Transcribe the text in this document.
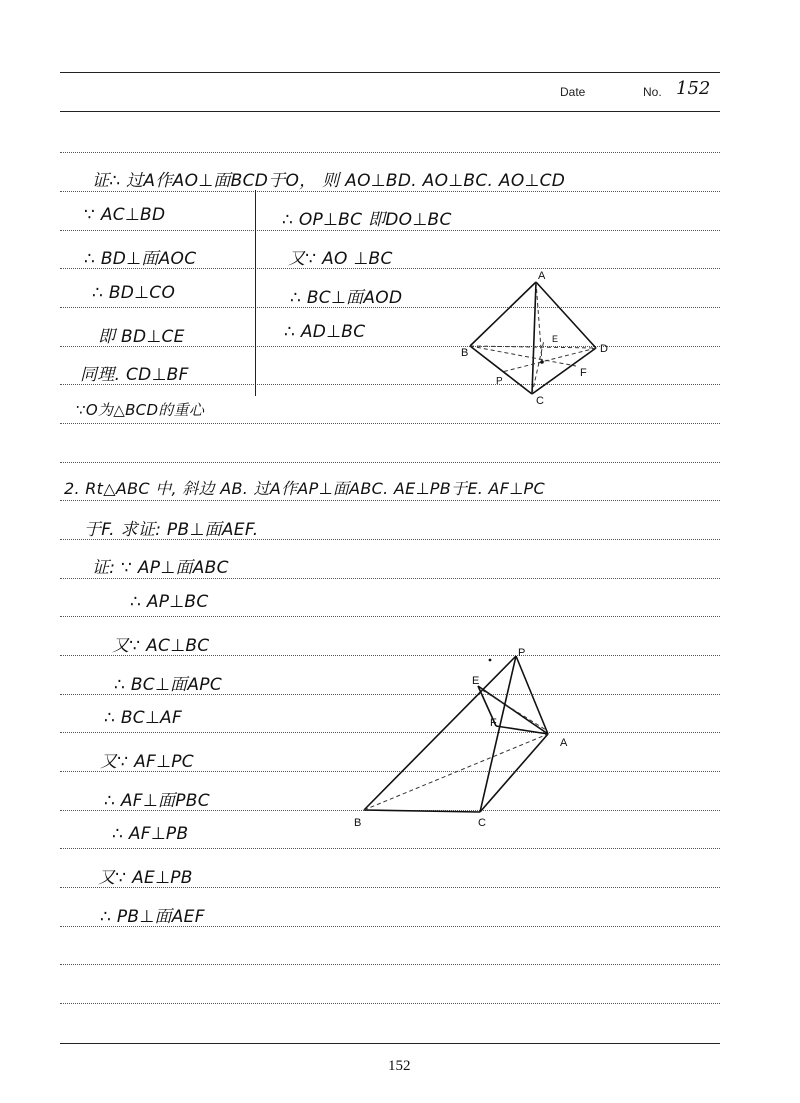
Date	No. 152
证∴ 过A作AO⊥面BCD于O， 则 AO⊥BD. AO⊥BC. AO⊥CD
∵ AC⊥BD
∴ BD⊥面AOC
∴ BD⊥CO
即 BD⊥CE
同理. CD⊥BF
∵O为△BCD的重心
∴ OP⊥BC 即DO⊥BC
又∵ AO ⊥BC
∴ BC⊥面AOD
∴ AD⊥BC
A
B
C
D
E
F
P
2. Rt△ABC 中, 斜边 AB. 过A作AP⊥面ABC. AE⊥PB于E. AF⊥PC
于F. 求证: PB⊥面AEF.
证: ∵ AP⊥面ABC
∴ AP⊥BC
又∵ AC⊥BC
∴ BC⊥面APC
∴ BC⊥AF
又∵ AF⊥PC
∴ AF⊥面PBC
∴ AF⊥PB
又∵ AE⊥PB
∴ PB⊥面AEF
P
E
F
A
B	C
152
